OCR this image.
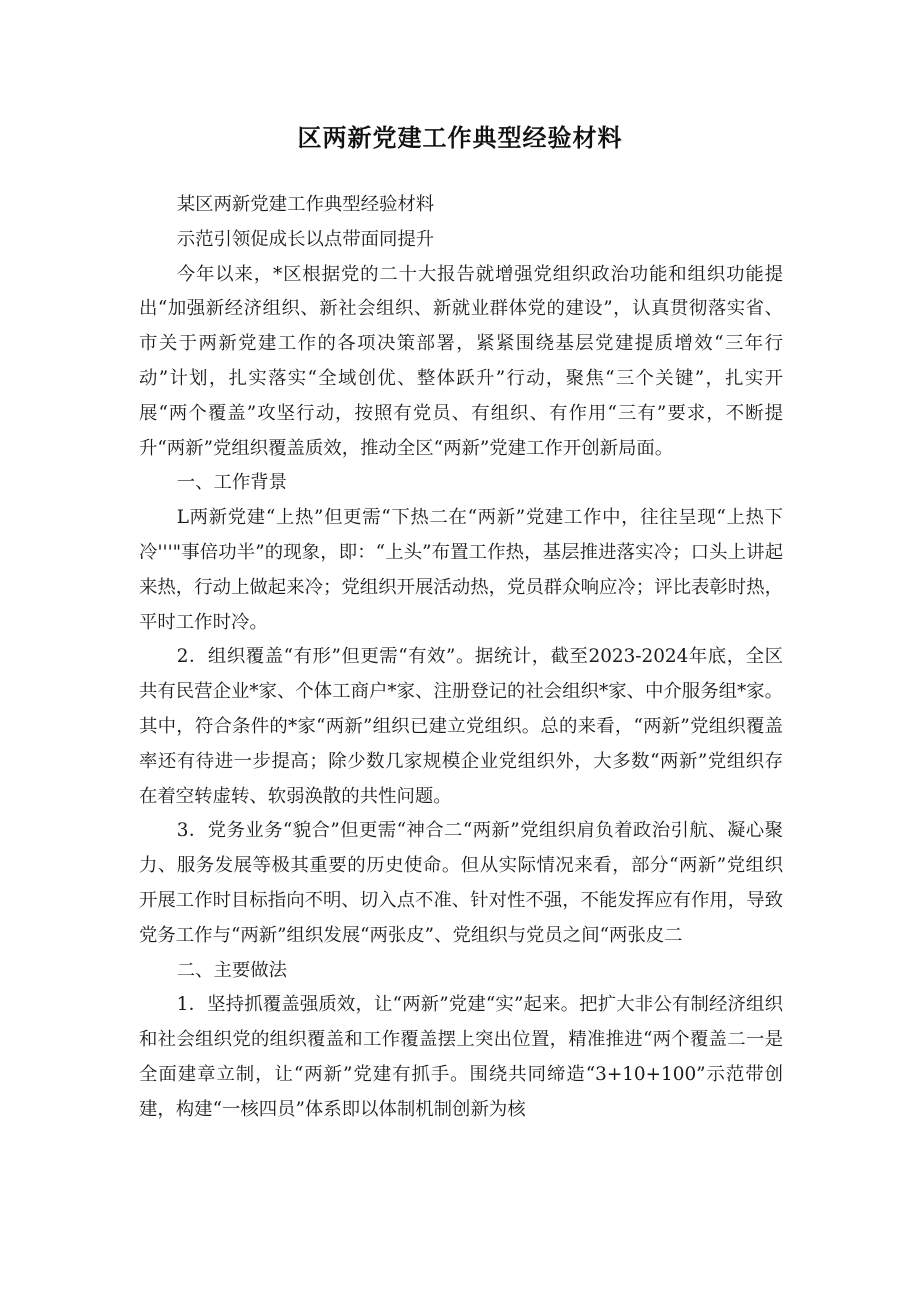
区两新党建工作典型经验材料

某区两新党建工作典型经验材料

示范引领促成长以点带面同提升

今年以来，*区根据党的二十大报告就增强党组织政治功能和组织功能提出“加强新经济组织、新社会组织、新就业群体党的建设”，认真贯彻落实省、市关于两新党建工作的各项决策部署，紧紧围绕基层党建提质增效“三年行动”计划，扎实落实“全域创优、整体跃升”行动，聚焦“三个关键”，扎实开展“两个覆盖”攻坚行动，按照有党员、有组织、有作用“三有”要求，不断提升“两新”党组织覆盖质效，推动全区“两新”党建工作开创新局面。

一、工作背景

L两新党建“上热”但更需“下热二在“两新”党建工作中，往往呈现“上热下冷'''"事倍功半”的现象，即：“上头”布置工作热，基层推进落实冷；口头上讲起来热，行动上做起来冷；党组织开展活动热，党员群众响应冷；评比表彰时热，平时工作时冷。

2．组织覆盖“有形”但更需“有效”。据统计，截至2023-2024年底，全区共有民营企业*家、个体工商户*家、注册登记的社会组织*家、中介服务组*家。其中，符合条件的*家“两新”组织已建立党组织。总的来看，“两新”党组织覆盖率还有待进一步提高；除少数几家规模企业党组织外，大多数“两新”党组织存在着空转虚转、软弱涣散的共性问题。

3．党务业务“貌合”但更需“神合二“两新”党组织肩负着政治引航、凝心聚力、服务发展等极其重要的历史使命。但从实际情况来看，部分“两新”党组织开展工作时目标指向不明、切入点不准、针对性不强，不能发挥应有作用，导致党务工作与“两新”组织发展“两张皮”、党组织与党员之间“两张皮二

二、主要做法

1．坚持抓覆盖强质效，让“两新”党建“实”起来。把扩大非公有制经济组织和社会组织党的组织覆盖和工作覆盖摆上突出位置，精准推进“两个覆盖二一是全面建章立制，让“两新”党建有抓手。围绕共同缔造“3+10+100”示范带创建，构建“一核四员”体系即以体制机制创新为核
